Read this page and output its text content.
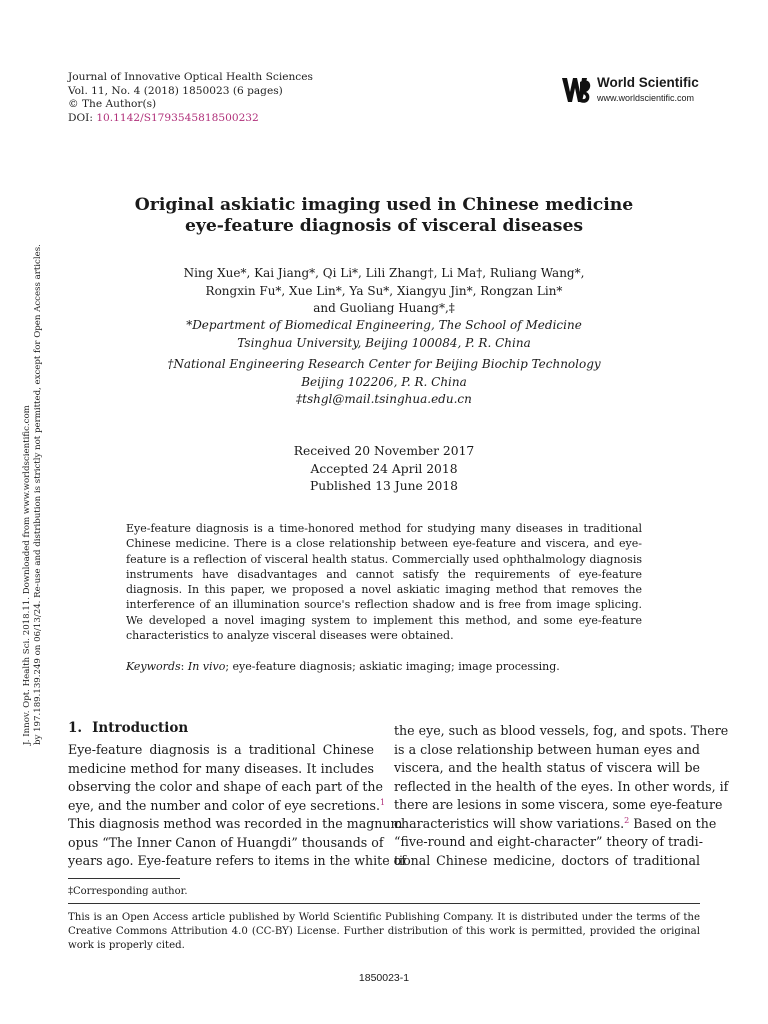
Journal of Innovative Optical Health Sciences
Vol. 11, No. 4 (2018) 1850023 (6 pages)
© The Author(s)
DOI: 10.1142/S1793545818500232
World Scientific
www.worldscientific.com
J. Innov. Opt. Health Sci. 2018.11. Downloaded from www.worldscientific.com by 197.189.139.249 on 06/13/24. Re-use and distribution is strictly not permitted, except for Open Access articles.
Original askiatic imaging used in Chinese medicine
eye-feature diagnosis of visceral diseases
Ning Xue*, Kai Jiang*, Qi Li*, Lili Zhang†, Li Ma†, Ruliang Wang*,
Rongxin Fu*, Xue Lin*, Ya Su*, Xiangyu Jin*, Rongzan Lin*
and Guoliang Huang*,‡
*Department of Biomedical Engineering, The School of Medicine
Tsinghua University, Beijing 100084, P. R. China
†National Engineering Research Center for Beijing Biochip Technology
Beijing 102206, P. R. China
‡tshgl@mail.tsinghua.edu.cn
Received 20 November 2017
Accepted 24 April 2018
Published 13 June 2018
Eye-feature diagnosis is a time-honored method for studying many diseases in traditional Chinese medicine. There is a close relationship between eye-feature and viscera, and eye-feature is a reflection of visceral health status. Commercially used ophthalmology diagnosis instruments have disadvantages and cannot satisfy the requirements of eye-feature diagnosis. In this paper, we proposed a novel askiatic imaging method that removes the interference of an illumination source's reflection shadow and is free from image splicing. We developed a novel imaging system to implement this method, and some eye-feature characteristics to analyze visceral diseases were obtained.
Keywords: In vivo; eye-feature diagnosis; askiatic imaging; image processing.
1. Introduction
Eye-feature diagnosis is a traditional Chinese
medicine method for many diseases. It includes
observing the color and shape of each part of the
eye, and the number and color of eye secretions.$^1$
This diagnosis method was recorded in the magnum
opus “The Inner Canon of Huangdi” thousands of
years ago. Eye-feature refers to items in the white of
the eye, such as blood vessels, fog, and spots. There
is a close relationship between human eyes and
viscera, and the health status of viscera will be
reflected in the health of the eyes. In other words, if
there are lesions in some viscera, some eye-feature
characteristics will show variations.$^2$ Based on the
“five-round and eight-character” theory of tradi-
tional Chinese medicine, doctors of traditional
‡Corresponding author.
This is an Open Access article published by World Scientific Publishing Company. It is distributed under the terms of the Creative Commons Attribution 4.0 (CC-BY) License. Further distribution of this work is permitted, provided the original work is properly cited.
1850023-1
